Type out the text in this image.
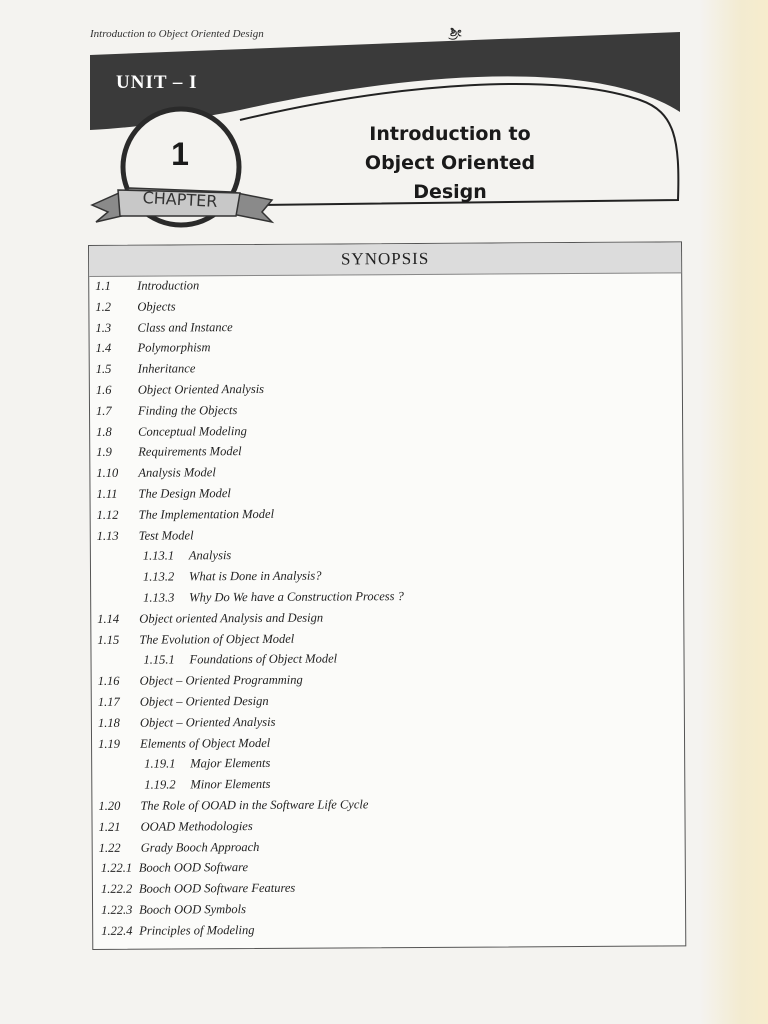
Introduction to Object Oriented Design	ಶ್ರೀ
UNIT – I
1
CHAPTER
Introduction to
Object Oriented Design
SYNOPSIS
1.1 Introduction
1.2 Objects
1.3 Class and Instance
1.4 Polymorphism
1.5 Inheritance
1.6 Object Oriented Analysis
1.7 Finding the Objects
1.8 Conceptual Modeling
1.9 Requirements Model
1.10 Analysis Model
1.11 The Design Model
1.12 The Implementation Model
1.13 Test Model
1.13.1 Analysis
1.13.2 What is Done in Analysis?
1.13.3 Why Do We have a Construction Process ?
1.14 Object oriented Analysis and Design
1.15 The Evolution of Object Model
1.15.1 Foundations of Object Model
1.16 Object – Oriented Programming
1.17 Object – Oriented Design
1.18 Object – Oriented Analysis
1.19 Elements of Object Model
1.19.1 Major Elements
1.19.2 Minor Elements
1.20 The Role of OOAD in the Software Life Cycle
1.21 OOAD Methodologies
1.22 Grady Booch Approach
1.22.1 Booch OOD Software
1.22.2 Booch OOD Software Features
1.22.3 Booch OOD Symbols
1.22.4 Principles of Modeling
